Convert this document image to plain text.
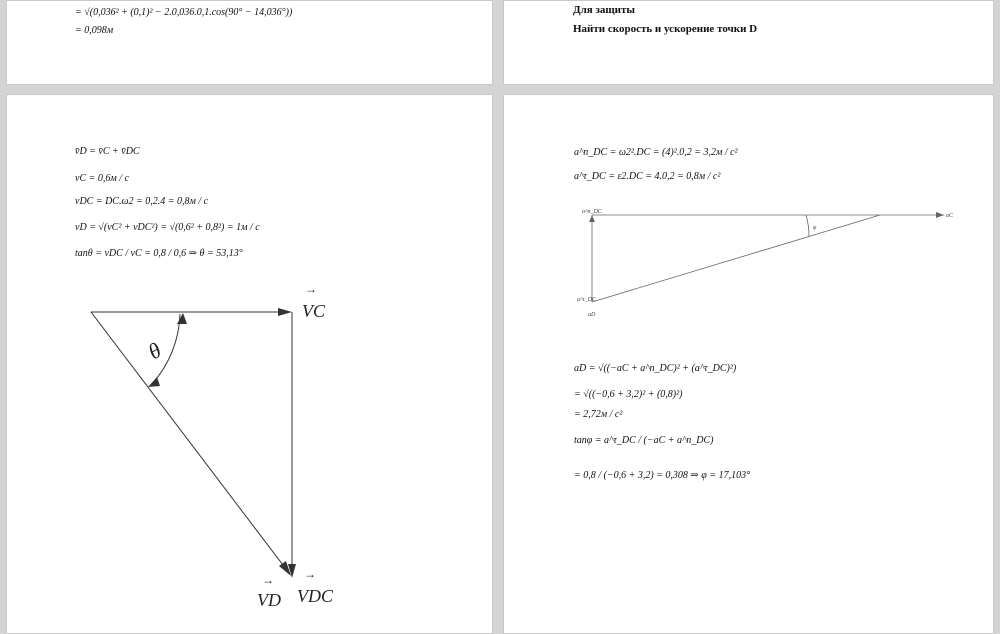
= √(0,036² + (0,1)² − 2.0,036.0,1.cos(90° − 14,036°))
= 0,098м
Для защиты
Найти скорость и ускорение точки D
v̄D = v̄C + v̄DC
vC = 0,6м / с
vDC = DC.ω2 = 0,2.4 = 0,8м / с
vD = √(vC² + vDC²) = √(0,6² + 0,8²) = 1м / с
tanθ = vDC / vC = 0,8 / 0,6 ⇒ θ = 53,13°
VC
→
VD
→
VDC
→
θ
a^n_DC = ω2².DC = (4)².0,2 = 3,2м / с²
a^τ_DC = ε2.DC = 4.0,2 = 0,8м / с²
a^n_DC
aC
a^τ_DC
aD
φ
aD = √((−aC + a^n_DC)² + (a^τ_DC)²)
= √((−0,6 + 3,2)² + (0,8)²)
= 2,72м / с²
tanφ = a^τ_DC / (−aC + a^n_DC)
= 0,8 / (−0,6 + 3,2) = 0,308 ⇒ φ = 17,103°
